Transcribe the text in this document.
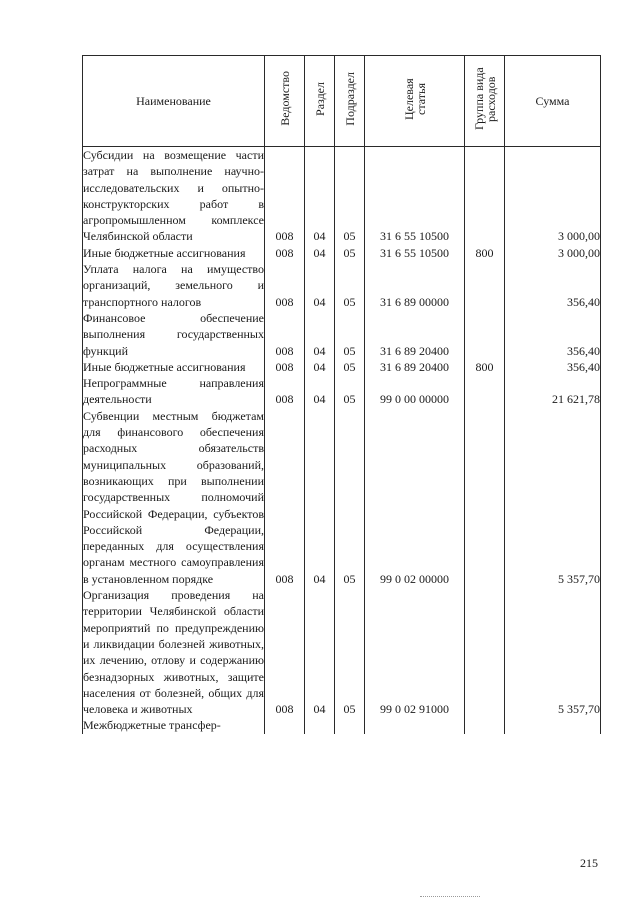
Наименование	Ведомство	Раздел	Подраздел	Целевая статья	Группа вида расходов	Сумма
Субсидии на возмещение части затрат на выполнение научно-исследовательских и опытно-конструкторских работ в агропромышленном комплексе Челябинской области	008	04	05	31 6 55 10500		3 000,00
Иные бюджетные ассигнования	008	04	05	31 6 55 10500	800	3 000,00
Уплата налога на имущество организаций, земельного и транспортного налогов	008	04	05	31 6 89 00000		356,40
Финансовое обеспечение выполнения государственных функций	008	04	05	31 6 89 20400		356,40
Иные бюджетные ассигнования	008	04	05	31 6 89 20400	800	356,40
Непрограммные направления деятельности	008	04	05	99 0 00 00000		21 621,78
Субвенции местным бюджетам для финансового обеспечения расходных обязательств муниципальных образований, возникающих при выполнении государственных полномочий Российской Федерации, субъектов Российской Федерации, переданных для осуществления органам местного самоуправления в установленном порядке	008	04	05	99 0 02 00000		5 357,70
Организация проведения на территории Челябинской области мероприятий по предупреждению и ликвидации болезней животных, их лечению, отлову и содержанию безнадзорных животных, защите населения от болезней, общих для человека и животных	008	04	05	99 0 02 91000		5 357,70
Межбюджетные трансфер-						
215
